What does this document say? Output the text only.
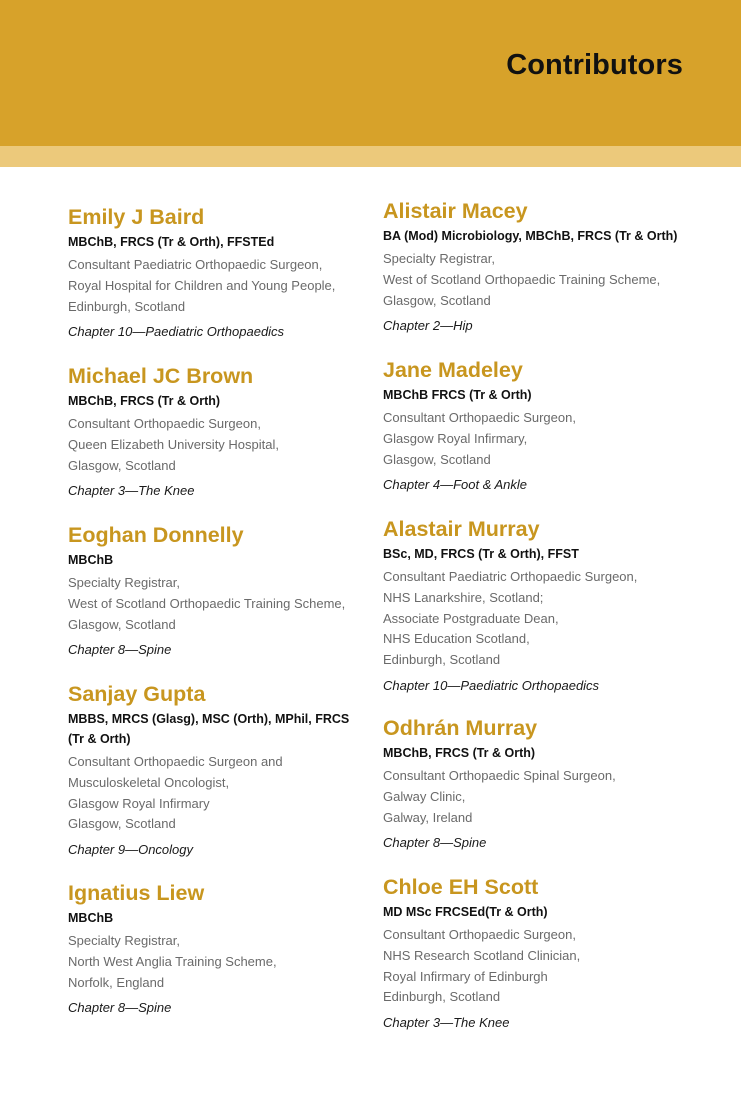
Contributors

Emily J Baird

MBChB, FRCS (Tr & Orth), FFSTEd

Consultant Paediatric Orthopaedic Surgeon,
Royal Hospital for Children and Young People,
Edinburgh, Scotland

Chapter 10—Paediatric Orthopaedics

Michael JC Brown

MBChB, FRCS (Tr & Orth)

Consultant Orthopaedic Surgeon,
Queen Elizabeth University Hospital,
Glasgow, Scotland

Chapter 3—The Knee

Eoghan Donnelly

MBChB

Specialty Registrar,
West of Scotland Orthopaedic Training Scheme,
Glasgow, Scotland

Chapter 8—Spine

Sanjay Gupta

MBBS, MRCS (Glasg), MSC (Orth), MPhil, FRCS
(Tr & Orth)

Consultant Orthopaedic Surgeon and
Musculoskeletal Oncologist,
Glasgow Royal Infirmary
Glasgow, Scotland

Chapter 9—Oncology

Ignatius Liew

MBChB

Specialty Registrar,
North West Anglia Training Scheme,
Norfolk, England

Chapter 8—Spine

Alistair Macey

BA (Mod) Microbiology, MBChB, FRCS (Tr & Orth)

Specialty Registrar,
West of Scotland Orthopaedic Training Scheme,
Glasgow, Scotland

Chapter 2—Hip

Jane Madeley

MBChB FRCS (Tr & Orth)

Consultant Orthopaedic Surgeon,
Glasgow Royal Infirmary,
Glasgow, Scotland

Chapter 4—Foot & Ankle

Alastair Murray

BSc, MD, FRCS (Tr & Orth), FFST

Consultant Paediatric Orthopaedic Surgeon,
NHS Lanarkshire, Scotland;
Associate Postgraduate Dean,
NHS Education Scotland,
Edinburgh, Scotland

Chapter 10—Paediatric Orthopaedics

Odhrán Murray

MBChB, FRCS (Tr & Orth)

Consultant Orthopaedic Spinal Surgeon,
Galway Clinic,
Galway, Ireland

Chapter 8—Spine

Chloe EH Scott

MD MSc FRCSEd(Tr & Orth)

Consultant Orthopaedic Surgeon,
NHS Research Scotland Clinician,
Royal Infirmary of Edinburgh
Edinburgh, Scotland

Chapter 3—The Knee
